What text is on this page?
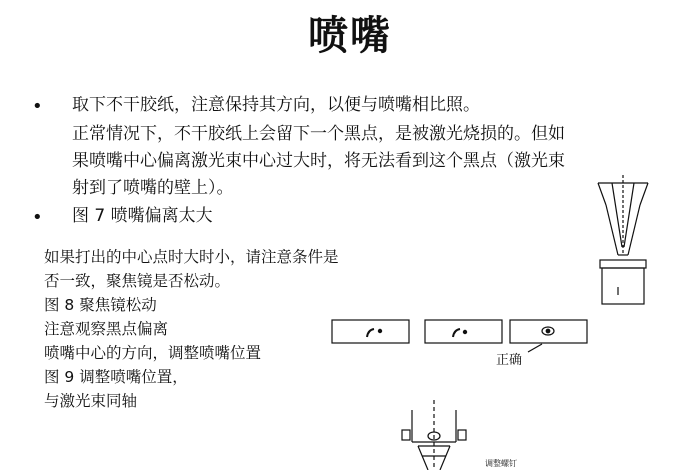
喷嘴
• 取下不干胶纸，注意保持其方向，以便与喷嘴相比照。
正常情况下，不干胶纸上会留下一个黑点，是被激光烧损的。但如
果喷嘴中心偏离激光束中心过大时，将无法看到这个黑点（激光束
射到了喷嘴的壁上）。
• 图 7 喷嘴偏离太大
如果打出的中心点时大时小，请注意条件是
否一致，聚焦镜是否松动。
图 8 聚焦镜松动
注意观察黑点偏离
喷嘴中心的方向，调整喷嘴位置
图 9 调整喷嘴位置，
与激光束同轴
正确
调整螺钉
